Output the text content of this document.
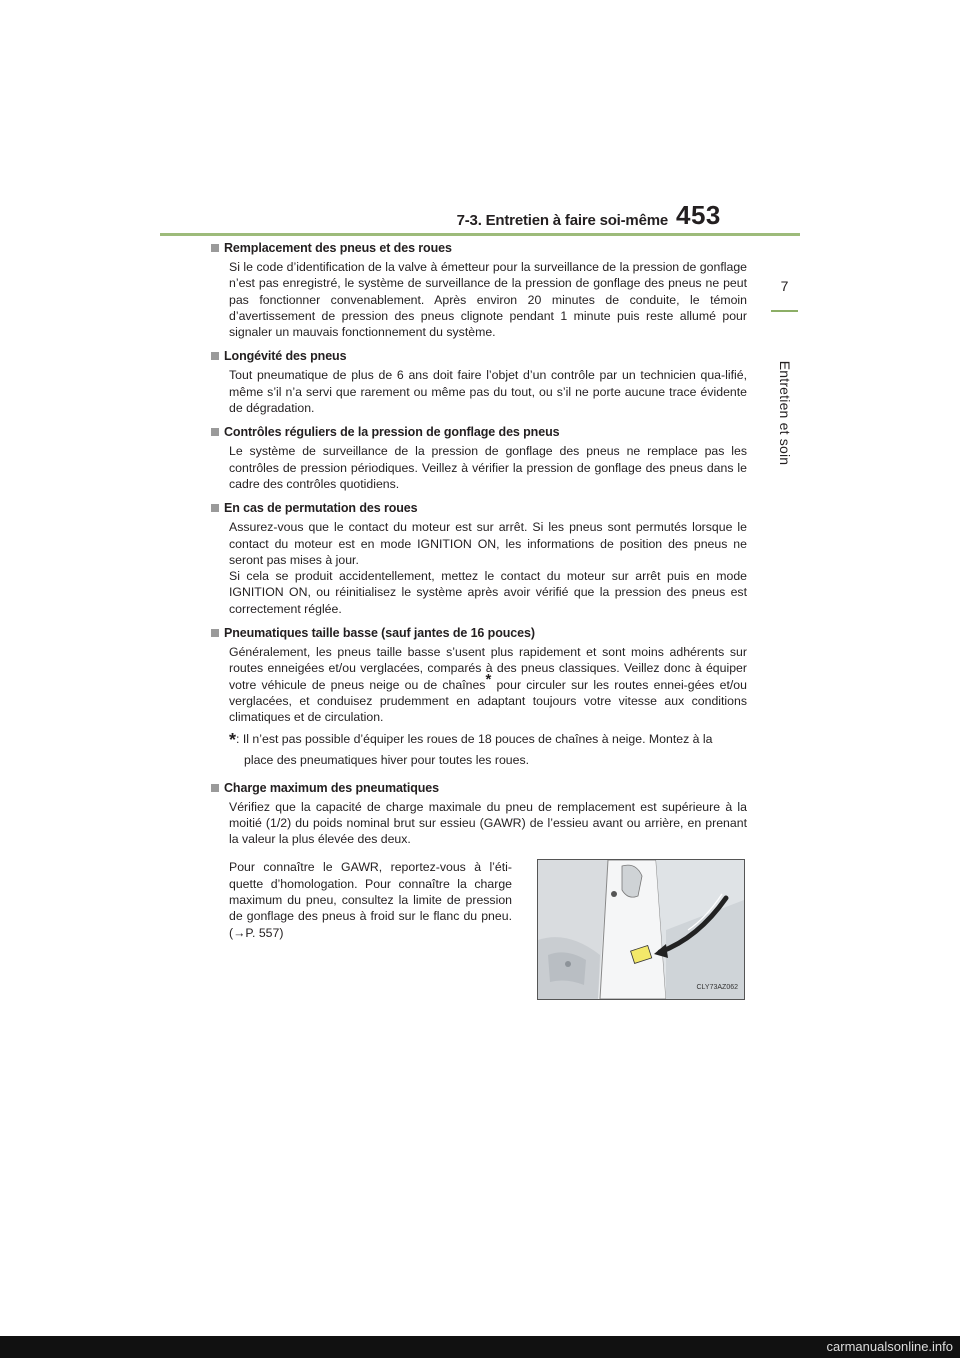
7-3. Entretien à faire soi-même 453
7
Entretien et soin
Remplacement des pneus et des roues

Si le code d’identification de la valve à émetteur pour la surveillance de la pression de gonflage n’est pas enregistré, le système de surveillance de la pression de gonflage des pneus ne peut pas fonctionner convenablement. Après environ 20 minutes de conduite, le témoin d’avertissement de pression des pneus clignote pendant 1 minute puis reste allumé pour signaler un mauvais fonctionnement du système.

Longévité des pneus

Tout pneumatique de plus de 6 ans doit faire l’objet d’un contrôle par un technicien qua-lifié, même s’il n’a servi que rarement ou même pas du tout, ou s’il ne porte aucune trace évidente de dégradation.

Contrôles réguliers de la pression de gonflage des pneus

Le système de surveillance de la pression de gonflage des pneus ne remplace pas les contrôles de pression périodiques. Veillez à vérifier la pression de gonflage des pneus dans le cadre des contrôles quotidiens.

En cas de permutation des roues

Assurez-vous que le contact du moteur est sur arrêt. Si les pneus sont permutés lorsque le contact du moteur est en mode IGNITION ON, les informations de position des pneus ne seront pas mises à jour.

Si cela se produit accidentellement, mettez le contact du moteur sur arrêt puis en mode IGNITION ON, ou réinitialisez le système après avoir vérifié que la pression des pneus est correctement réglée.

Pneumatiques taille basse (sauf jantes de 16 pouces)

Généralement, les pneus taille basse s’usent plus rapidement et sont moins adhérents sur routes enneigées et/ou verglacées, comparés à des pneus classiques. Veillez donc à équiper votre véhicule de pneus neige ou de chaînes* pour circuler sur les routes ennei-gées et/ou verglacées, et conduisez prudemment en adaptant toujours votre vitesse aux conditions climatiques et de circulation.

*: Il n’est pas possible d’équiper les roues de 18 pouces de chaînes à neige. Montez à la
place des pneumatiques hiver pour toutes les roues.
Charge maximum des pneumatiques

Vérifiez que la capacité de charge maximale du pneu de remplacement est supérieure à la moitié (1/2) du poids nominal brut sur essieu (GAWR) de l’essieu avant ou arrière, en prenant la valeur la plus élevée des deux.

Pour connaître le GAWR, reportez-vous à l’éti-quette d’homologation. Pour connaître la charge maximum du pneu, consultez la limite de pression de gonflage des pneus à froid sur le flanc du pneu. (→P. 557)
CLY73AZ062
carmanualsonline.info
